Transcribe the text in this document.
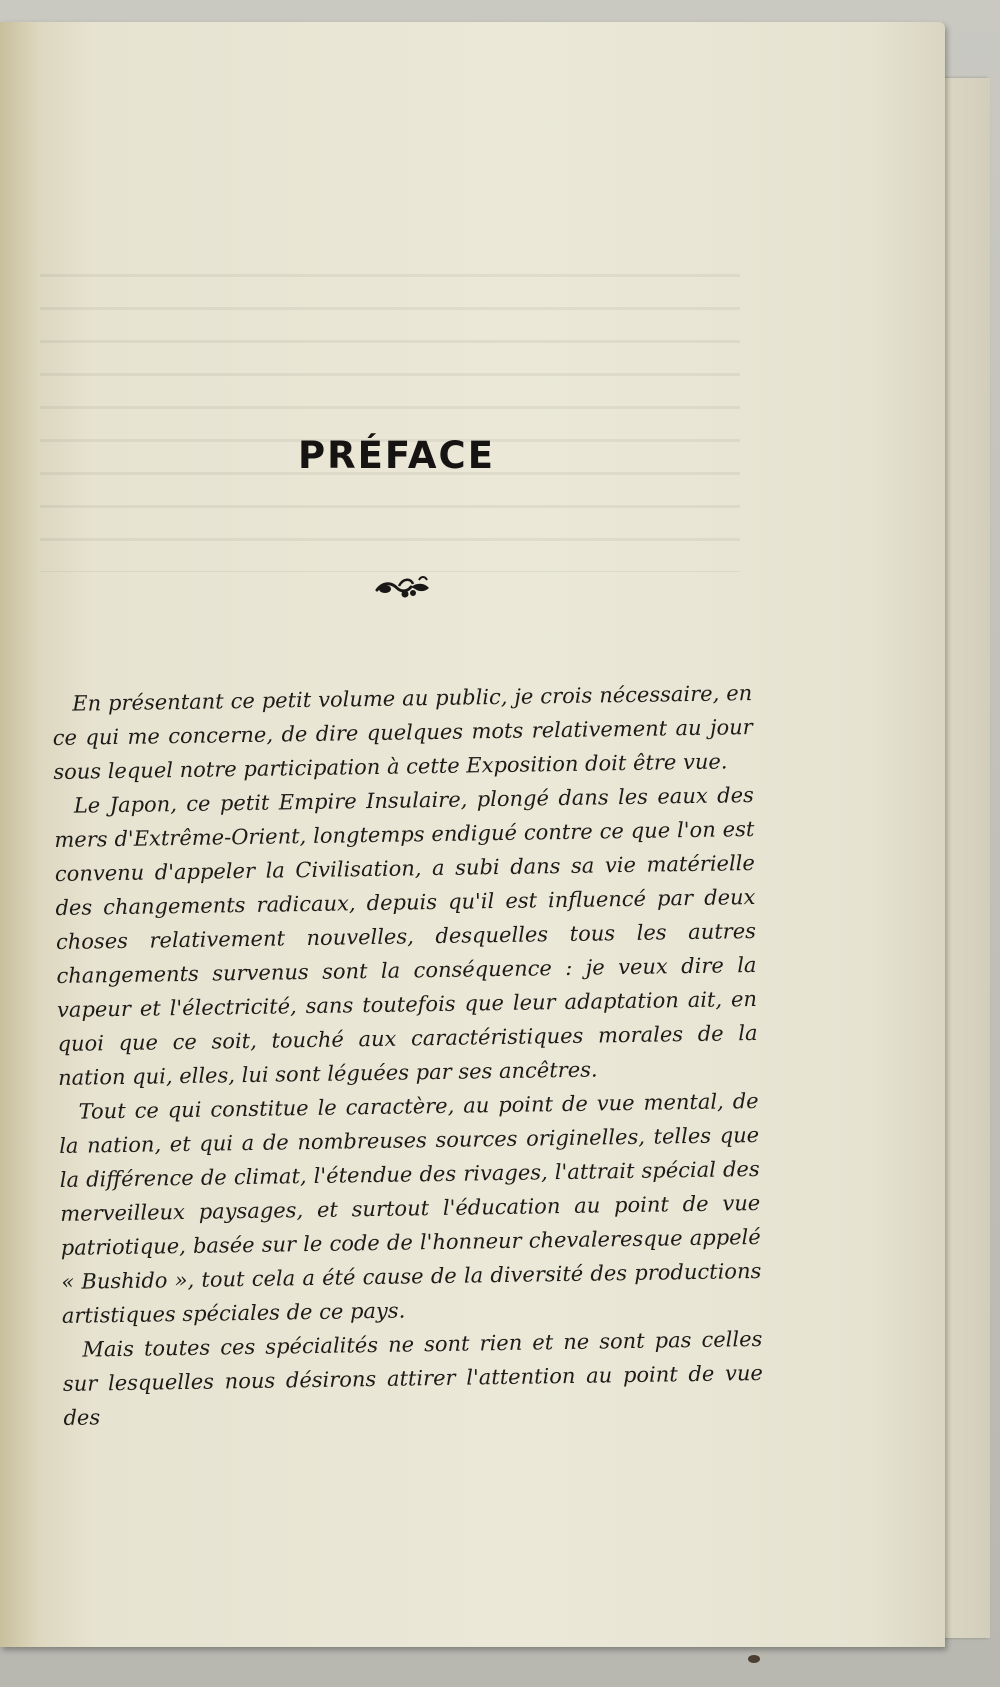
PRÉFACE

En présentant ce petit volume au public, je crois nécessaire, en ce qui me concerne, de dire quelques mots relativement au jour sous lequel notre participation à cette Exposition doit être vue.

Le Japon, ce petit Empire Insulaire, plongé dans les eaux des mers d'Extrême-Orient, longtemps endigué contre ce que l'on est convenu d'appeler la Civilisation, a subi dans sa vie matérielle des changements radicaux, depuis qu'il est influencé par deux choses relativement nouvelles, desquelles tous les autres changements survenus sont la conséquence : je veux dire la vapeur et l'électricité, sans toutefois que leur adaptation ait, en quoi que ce soit, touché aux caractéristiques morales de la nation qui, elles, lui sont léguées par ses ancêtres.

Tout ce qui constitue le caractère, au point de vue mental, de la nation, et qui a de nombreuses sources originelles, telles que la différence de climat, l'étendue des rivages, l'attrait spécial des merveilleux paysages, et surtout l'éducation au point de vue patriotique, basée sur le code de l'honneur chevaleresque appelé « Bushido », tout cela a été cause de la diversité des productions artistiques spéciales de ce pays.

Mais toutes ces spécialités ne sont rien et ne sont pas celles sur lesquelles nous désirons attirer l'attention au point de vue des
